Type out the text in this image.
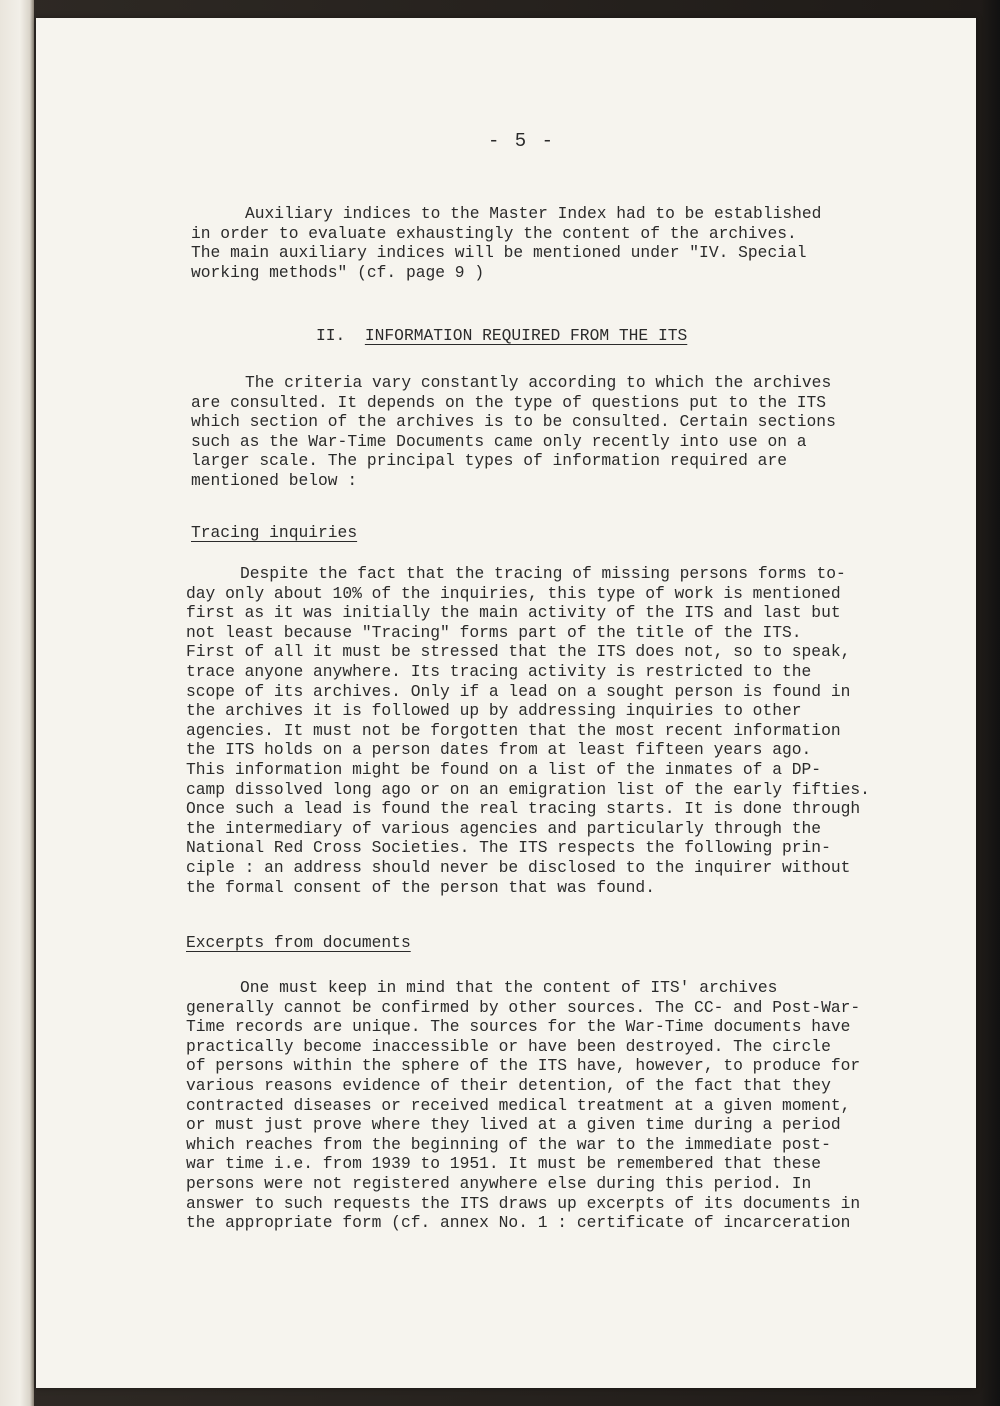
- 5 -
Auxiliary indices to the Master Index had to be established
in order to evaluate exhaustingly the content of the archives.
The main auxiliary indices will be mentioned under "IV. Special
working methods" (cf. page 9 )
II. INFORMATION REQUIRED FROM THE ITS
The criteria vary constantly according to which the archives
are consulted. It depends on the type of questions put to the ITS
which section of the archives is to be consulted. Certain sections
such as the War-Time Documents came only recently into use on a
larger scale. The principal types of information required are
mentioned below :
Tracing inquiries
Despite the fact that the tracing of missing persons forms to-
day only about 10% of the inquiries, this type of work is mentioned
first as it was initially the main activity of the ITS and last but
not least because "Tracing" forms part of the title of the ITS.
First of all it must be stressed that the ITS does not, so to speak,
trace anyone anywhere. Its tracing activity is restricted to the
scope of its archives. Only if a lead on a sought person is found in
the archives it is followed up by addressing inquiries to other
agencies. It must not be forgotten that the most recent information
the ITS holds on a person dates from at least fifteen years ago.
This information might be found on a list of the inmates of a DP-
camp dissolved long ago or on an emigration list of the early fifties.
Once such a lead is found the real tracing starts. It is done through
the intermediary of various agencies and particularly through the
National Red Cross Societies. The ITS respects the following prin-
ciple : an address should never be disclosed to the inquirer without
the formal consent of the person that was found.
Excerpts from documents
One must keep in mind that the content of ITS' archives
generally cannot be confirmed by other sources. The CC- and Post-War-
Time records are unique. The sources for the War-Time documents have
practically become inaccessible or have been destroyed. The circle
of persons within the sphere of the ITS have, however, to produce for
various reasons evidence of their detention, of the fact that they
contracted diseases or received medical treatment at a given moment,
or must just prove where they lived at a given time during a period
which reaches from the beginning of the war to the immediate post-
war time i.e. from 1939 to 1951. It must be remembered that these
persons were not registered anywhere else during this period. In
answer to such requests the ITS draws up excerpts of its documents in
the appropriate form (cf. annex No. 1 : certificate of incarceration
